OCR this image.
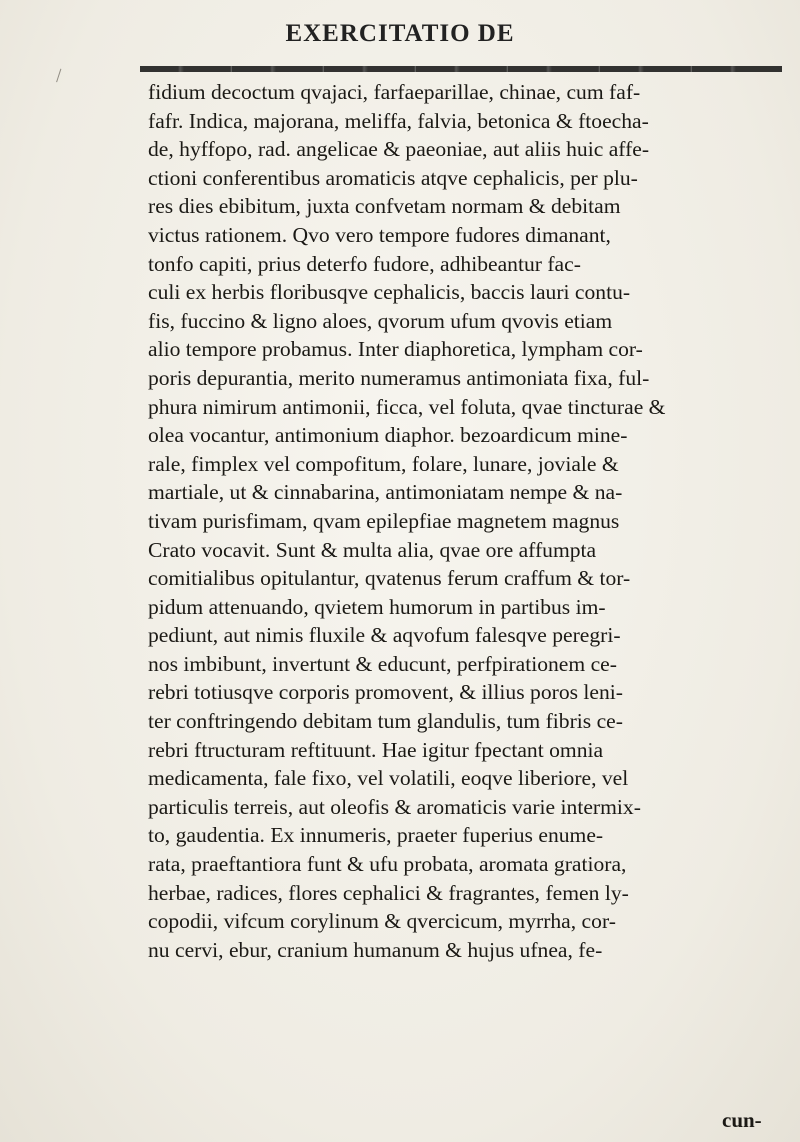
EXERCITATIO DE
fidium decoctum qvajaci, farfaeparillae, chinae, cum faf-
fafr. Indica, majorana, meliffa, falvia, betonica & ftoecha-
de, hyffopo, rad. angelicae & paeoniae, aut aliis huic affe-
ctioni conferentibus aromaticis atqve cephalicis, per plu-
res dies ebibitum, juxta confvetam normam & debitam
victus rationem. Qvo vero tempore fudores dimanant,
tonfo capiti, prius deterfo fudore, adhibeantur fac-
culi ex herbis floribusqve cephalicis, baccis lauri contu-
fis, fuccino & ligno aloes, qvorum ufum qvovis etiam
alio tempore probamus. Inter diaphoretica, lympham cor-
poris depurantia, merito numeramus antimoniata fixa, ful-
phura nimirum antimonii, ficca, vel foluta, qvae tincturae &
olea vocantur, antimonium diaphor. bezoardicum mine-
rale, fimplex vel compofitum, folare, lunare, joviale &
martiale, ut & cinnabarina, antimoniatam nempe & na-
tivam purisfimam, qvam epilepfiae magnetem magnus
Crato vocavit. Sunt & multa alia, qvae ore affumpta
comitialibus opitulantur, qvatenus ferum craffum & tor-
pidum attenuando, qvietem humorum in partibus im-
pediunt, aut nimis fluxile & aqvofum falesqve peregri-
nos imbibunt, invertunt & educunt, perfpirationem ce-
rebri totiusqve corporis promovent, & illius poros leni-
ter conftringendo debitam tum glandulis, tum fibris ce-
rebri ftructuram reftituunt. Hae igitur fpectant omnia
medicamenta, fale fixo, vel volatili, eoqve liberiore, vel
particulis terreis, aut oleofis & aromaticis varie intermix-
to, gaudentia. Ex innumeris, praeter fuperius enume-
rata, praeftantiora funt & ufu probata, aromata gratiora,
herbae, radices, flores cephalici & fragrantes, femen ly-
copodii, vifcum corylinum & qvercicum, myrrha, cor-
nu cervi, ebur, cranium humanum & hujus ufnea, fe-
cun-
